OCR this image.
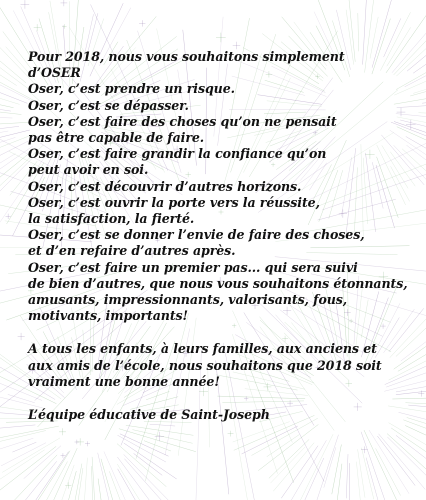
Pour 2018, nous vous souhaitons simplement
d’OSER
Oser, c’est prendre un risque.
Oser, c’est se dépasser.
Oser, c’est faire des choses qu’on ne pensait
pas être capable de faire.
Oser, c’est faire grandir la confiance qu’on
peut avoir en soi.
Oser, c’est découvrir d’autres horizons.
Oser, c’est ouvrir la porte vers la réussite,
la satisfaction, la fierté.
Oser, c’est se donner l’envie de faire des choses,
et d’en refaire d’autres après.
Oser, c’est faire un premier pas... qui sera suivi
de bien d’autres, que nous vous souhaitons étonnants,
amusants, impressionnants, valorisants, fous,
motivants, importants!
A tous les enfants, à leurs familles, aux anciens et
aux amis de l’école, nous souhaitons que 2018 soit
vraiment une bonne année!
L’équipe éducative de Saint-Joseph
